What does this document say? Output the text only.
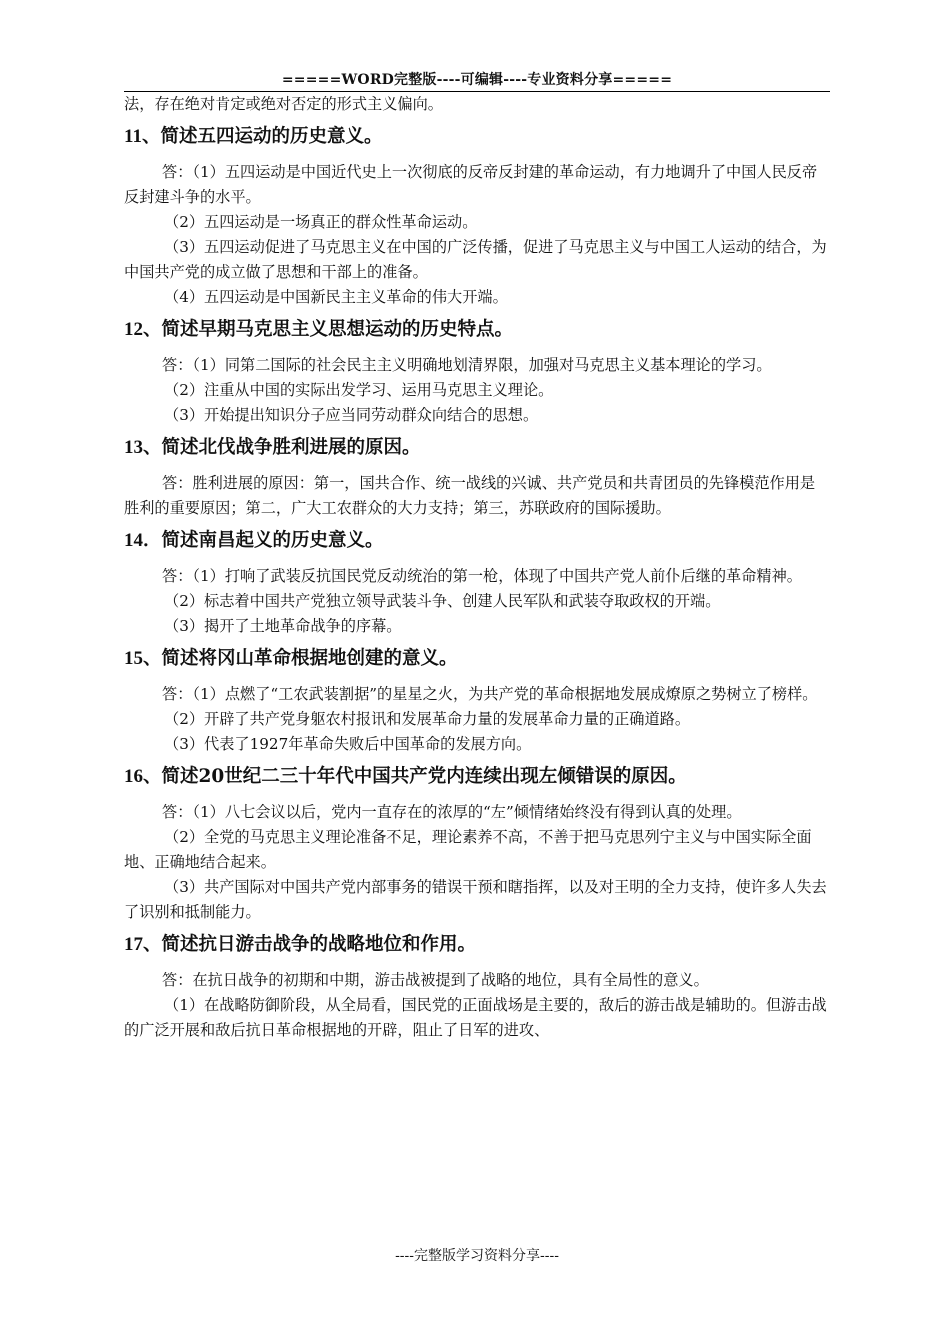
=====WORD完整版----可编辑----专业资料分享=====

法，存在绝对肯定或绝对否定的形式主义偏向。

11、简述五四运动的历史意义。

答：（1）五四运动是中国近代史上一次彻底的反帝反封建的革命运动，有力地调升了中国人民反帝反封建斗争的水平。

（2）五四运动是一场真正的群众性革命运动。

（3）五四运动促进了马克思主义在中国的广泛传播，促进了马克思主义与中国工人运动的结合，为中国共产党的成立做了思想和干部上的准备。

（4）五四运动是中国新民主主义革命的伟大开端。

12、简述早期马克思主义思想运动的历史特点。

答：（1）同第二国际的社会民主主义明确地划清界限，加强对马克思主义基本理论的学习。

（2）注重从中国的实际出发学习、运用马克思主义理论。

（3）开始提出知识分子应当同劳动群众向结合的思想。

13、简述北伐战争胜利进展的原因。

答：胜利进展的原因：第一，国共合作、统一战线的兴诚、共产党员和共青团员的先锋模范作用是胜利的重要原因；第二，广大工农群众的大力支持；第三，苏联政府的国际援助。

14．简述南昌起义的历史意义。

答：（1）打响了武装反抗国民党反动统治的第一枪，体现了中国共产党人前仆后继的革命精神。

（2）标志着中国共产党独立领导武装斗争、创建人民军队和武装夺取政权的开端。

（3）揭开了土地革命战争的序幕。

15、简述将冈山革命根据地创建的意义。

答：（1）点燃了“工农武装割据”的星星之火，为共产党的革命根据地发展成燎原之势树立了榜样。

（2）开辟了共产党身躯农村报讯和发展革命力量的发展革命力量的正确道路。

（3）代表了1927年革命失败后中国革命的发展方向。

16、简述20世纪二三十年代中国共产党内连续出现左倾错误的原因。

答：（1）八七会议以后，党内一直存在的浓厚的“左”倾情绪始终没有得到认真的处理。

（2）全党的马克思主义理论准备不足，理论素养不高，不善于把马克思列宁主义与中国实际全面地、正确地结合起来。

（3）共产国际对中国共产党内部事务的错误干预和瞎指挥，以及对王明的全力支持，使许多人失去了识别和抵制能力。

17、简述抗日游击战争的战略地位和作用。

答：在抗日战争的初期和中期，游击战被提到了战略的地位，具有全局性的意义。

（1）在战略防御阶段，从全局看，国民党的正面战场是主要的，敌后的游击战是辅助的。但游击战的广泛开展和敌后抗日革命根据地的开辟，阻止了日军的进攻、

----完整版学习资料分享----
